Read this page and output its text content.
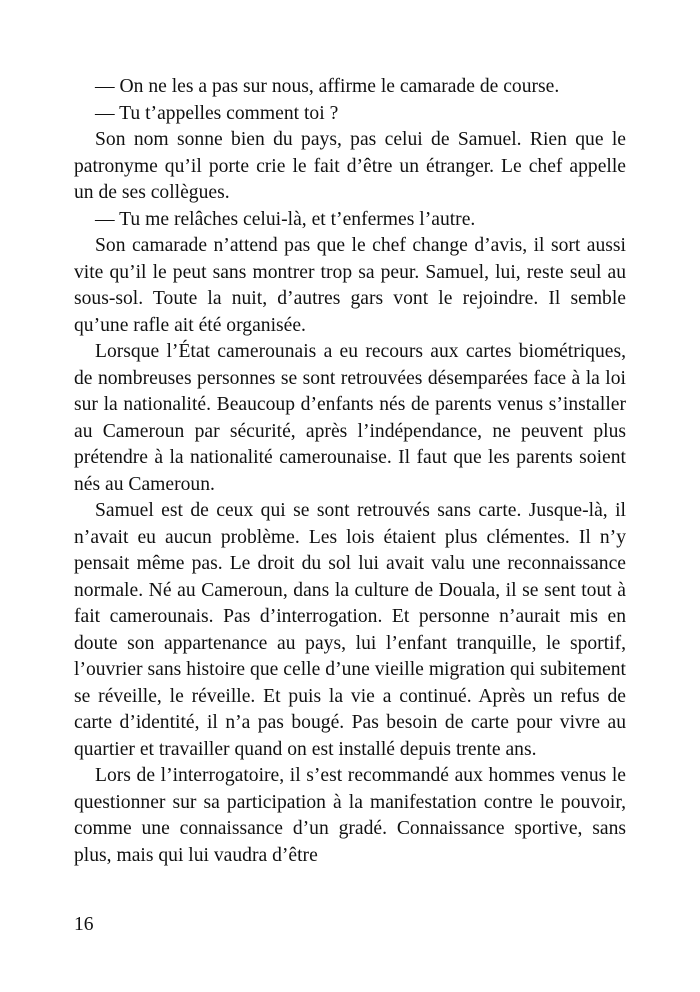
— On ne les a pas sur nous, affirme le camarade de course.

— Tu t’appelles comment toi ?

Son nom sonne bien du pays, pas celui de Samuel. Rien que le patronyme qu’il porte crie le fait d’être un étranger. Le chef appelle un de ses collègues.

— Tu me relâches celui-là, et t’enfermes l’autre.

Son camarade n’attend pas que le chef change d’avis, il sort aussi vite qu’il le peut sans montrer trop sa peur. Samuel, lui, reste seul au sous-sol. Toute la nuit, d’autres gars vont le rejoindre. Il semble qu’une rafle ait été organisée.

Lorsque l’État camerounais a eu recours aux cartes biométriques, de nombreuses personnes se sont retrouvées désemparées face à la loi sur la nationalité. Beaucoup d’enfants nés de parents venus s’installer au Cameroun par sécurité, après l’indépendance, ne peuvent plus prétendre à la nationalité camerounaise. Il faut que les parents soient nés au Cameroun.

Samuel est de ceux qui se sont retrouvés sans carte. Jusque-là, il n’avait eu aucun problème. Les lois étaient plus clémentes. Il n’y pensait même pas. Le droit du sol lui avait valu une reconnaissance normale. Né au Cameroun, dans la culture de Douala, il se sent tout à fait camerounais. Pas d’interrogation. Et personne n’aurait mis en doute son appartenance au pays, lui l’enfant tranquille, le sportif, l’ouvrier sans histoire que celle d’une vieille migration qui subitement se réveille, le réveille. Et puis la vie a continué. Après un refus de carte d’identité, il n’a pas bougé. Pas besoin de carte pour vivre au quartier et travailler quand on est installé depuis trente ans.

Lors de l’interrogatoire, il s’est recommandé aux hommes venus le questionner sur sa participation à la manifestation contre le pouvoir, comme une connaissance d’un gradé. Connaissance sportive, sans plus, mais qui lui vaudra d’être

16
